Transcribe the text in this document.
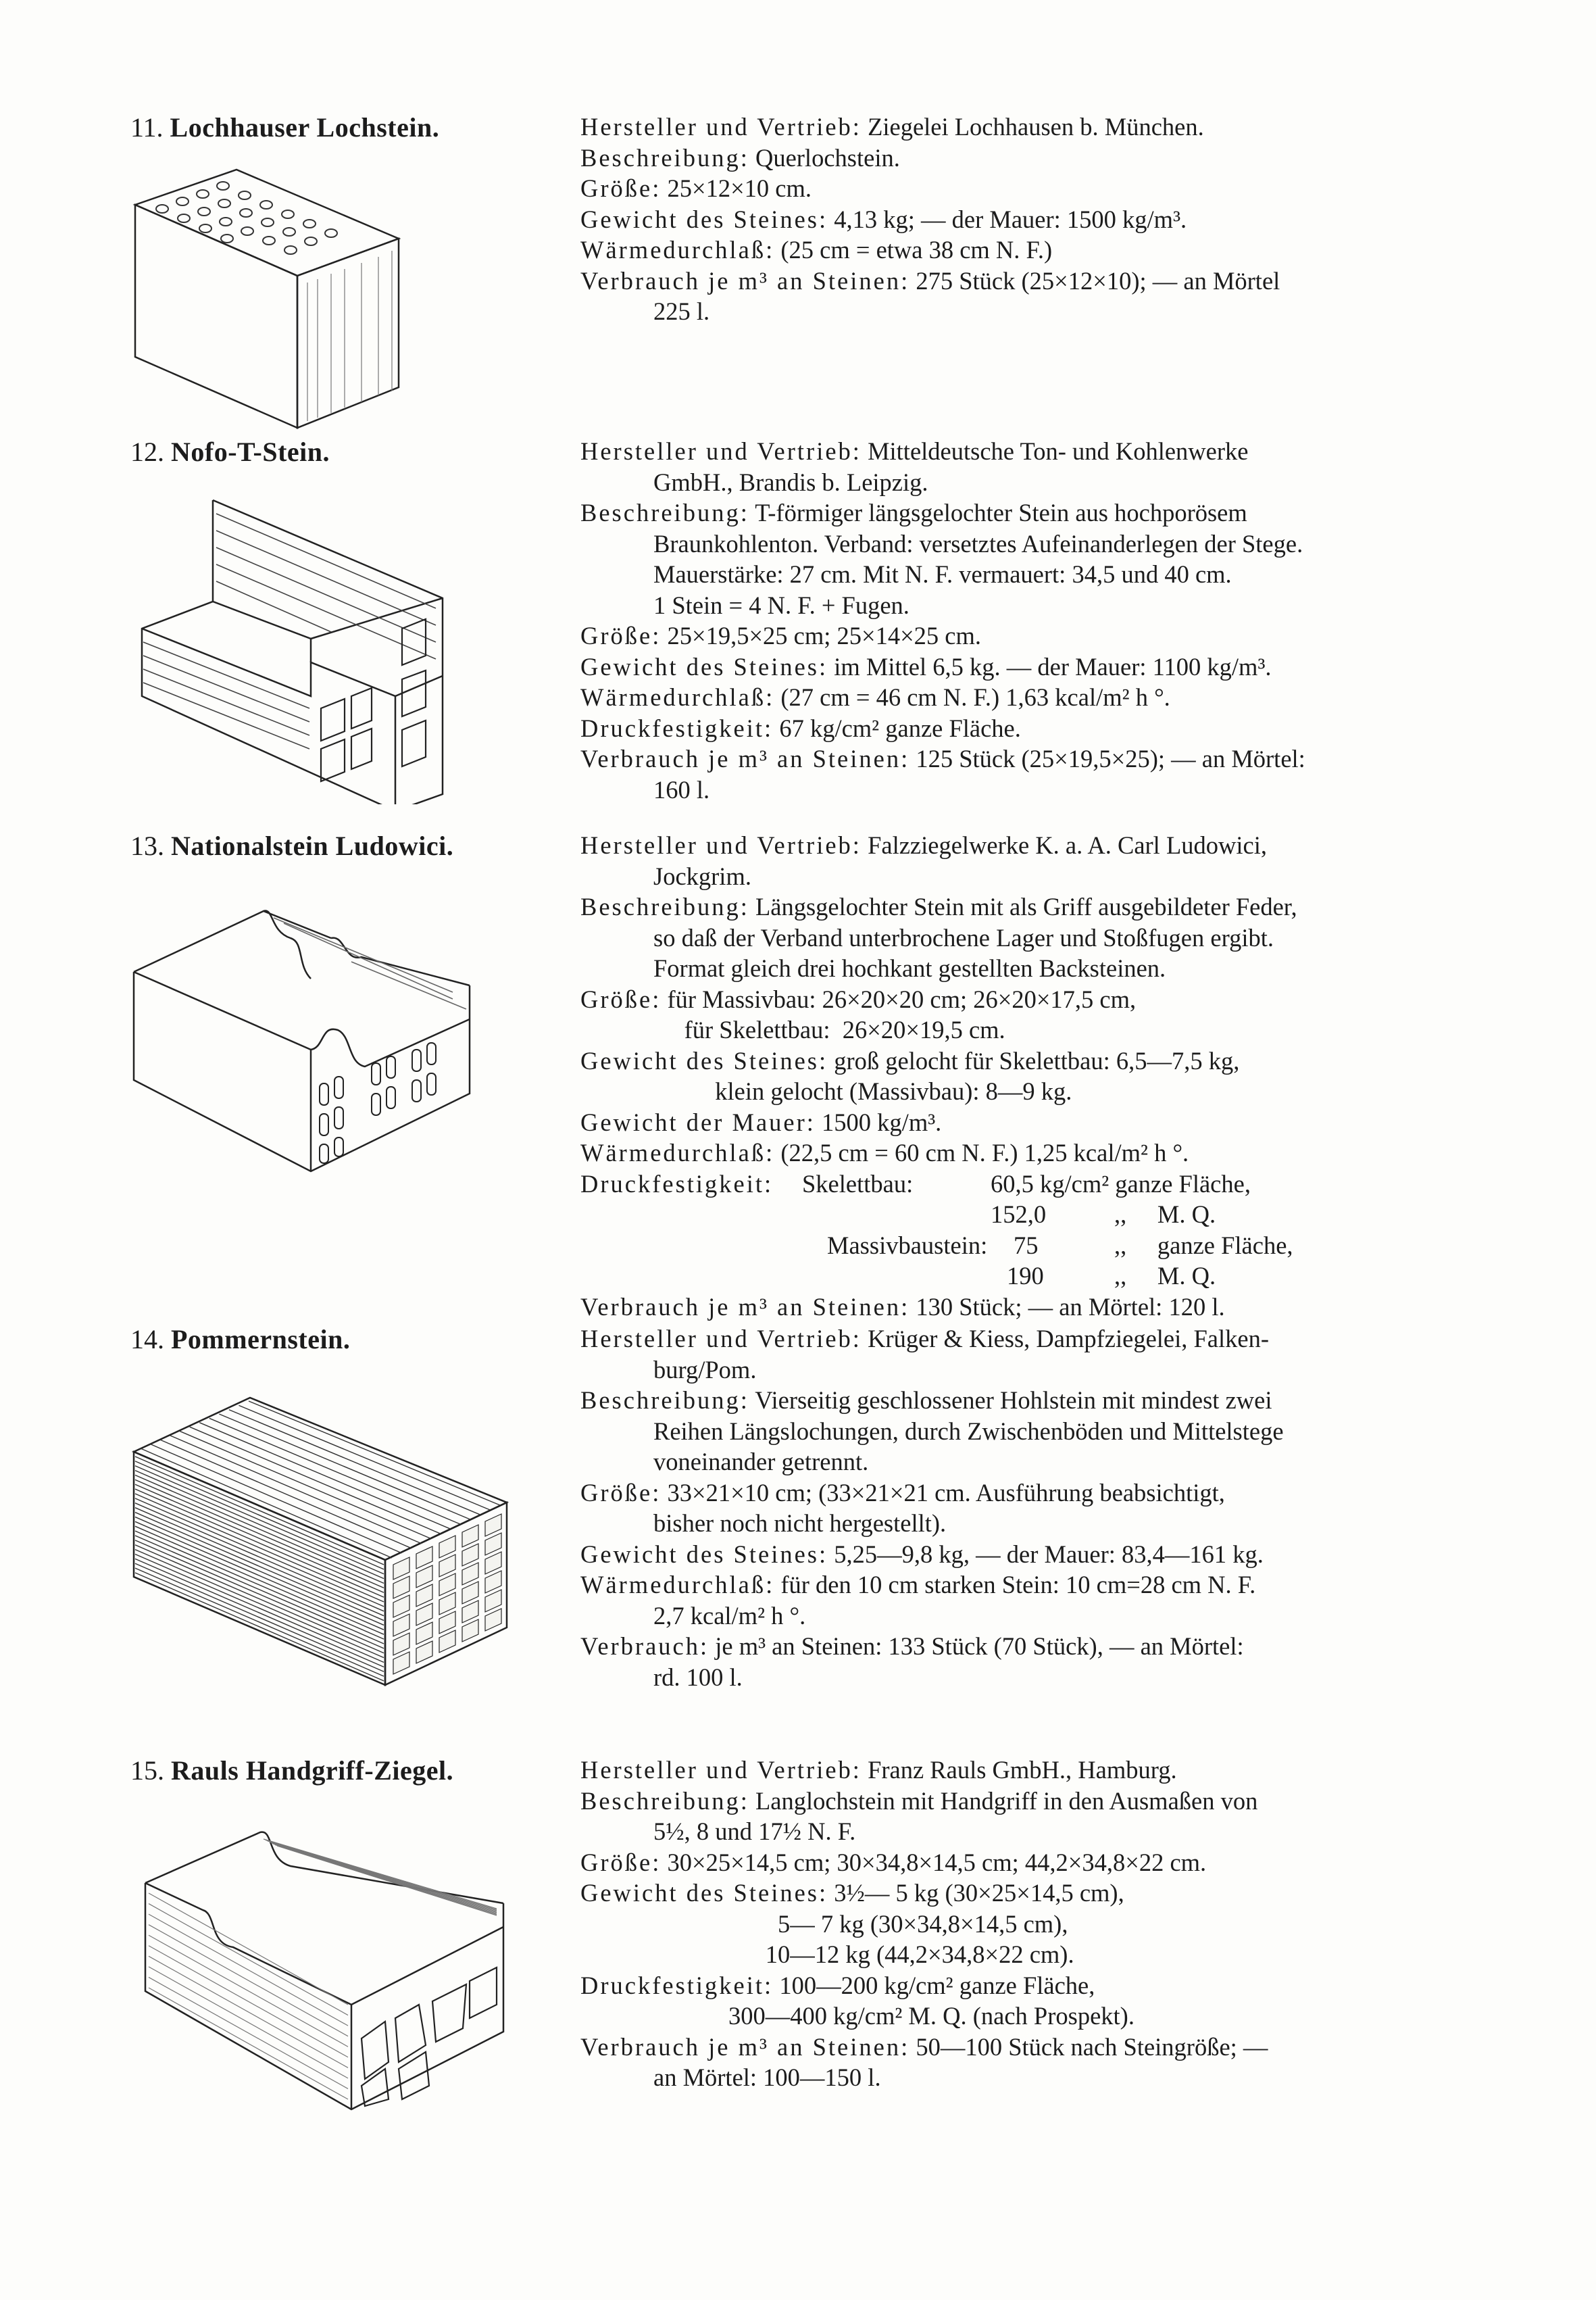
11. Lochhauser Lochstein.	Hersteller und Vertrieb: Ziegelei Lochhausen b. München.
Beschreibung: Querlochstein.
Größe: 25×12×10 cm.
Gewicht des Steines: 4,13 kg; — der Mauer: 1500 kg/m³.
Wärmedurchlaß: (25 cm = etwa 38 cm N. F.)
Verbrauch je m³ an Steinen: 275 Stück (25×12×10); — an Mörtel
225 l.
12. Nofo-T-Stein.	Hersteller und Vertrieb: Mitteldeutsche Ton- und Kohlenwerke
GmbH., Brandis b. Leipzig.
Beschreibung: T-förmiger längsgelochter Stein aus hochporösem
Braunkohlenton. Verband: versetztes Aufeinanderlegen der Stege.
Mauerstärke: 27 cm. Mit N. F. vermauert: 34,5 und 40 cm.
1 Stein = 4 N. F. + Fugen.
Größe: 25×19,5×25 cm; 25×14×25 cm.
Gewicht des Steines: im Mittel 6,5 kg. — der Mauer: 1100 kg/m³.
Wärmedurchlaß: (27 cm = 46 cm N. F.) 1,63 kcal/m² h °.
Druckfestigkeit: 67 kg/cm² ganze Fläche.
Verbrauch je m³ an Steinen: 125 Stück (25×19,5×25); — an Mörtel:
160 l.
13. Nationalstein Ludowici.	Hersteller und Vertrieb: Falzziegelwerke K. a. A. Carl Ludowici,
Jockgrim.
Beschreibung: Längsgelochter Stein mit als Griff ausgebildeter Feder,
so daß der Verband unterbrochene Lager und Stoßfugen ergibt.
Format gleich drei hochkant gestellten Backsteinen.
Größe: für Massivbau: 26×20×20 cm; 26×20×17,5 cm,
für Skelettbau:  26×20×19,5 cm.
Gewicht des Steines: groß gelocht für Skelettbau: 6,5—7,5 kg,
klein gelocht (Massivbau): 8—9 kg.
Gewicht der Mauer: 1500 kg/m³.
Wärmedurchlaß: (22,5 cm = 60 cm N. F.) 1,25 kcal/m² h °.
Druckfestigkeit: Skelettbau:	60,5 kg/cm² ganze Fläche,
152,0	,,     M. Q.
Massivbaustein: 75	,,     ganze Fläche,
190	,,     M. Q.
Verbrauch je m³ an Steinen: 130 Stück; — an Mörtel: 120 l.
14. Pommernstein.	Hersteller und Vertrieb: Krüger & Kiess, Dampfziegelei, Falken-
burg/Pom.
Beschreibung: Vierseitig geschlossener Hohlstein mit mindest zwei
Reihen Längslochungen, durch Zwischenböden und Mittelstege
voneinander getrennt.
Größe: 33×21×10 cm; (33×21×21 cm. Ausführung beabsichtigt,
bisher noch nicht hergestellt).
Gewicht des Steines: 5,25—9,8 kg, — der Mauer: 83,4—161 kg.
Wärmedurchlaß: für den 10 cm starken Stein: 10 cm=28 cm N. F.
2,7 kcal/m² h °.
Verbrauch: je m³ an Steinen: 133 Stück (70 Stück), — an Mörtel:
rd. 100 l.
15. Rauls Handgriff-Ziegel.	Hersteller und Vertrieb: Franz Rauls GmbH., Hamburg.
Beschreibung: Langlochstein mit Handgriff in den Ausmaßen von
5½, 8 und 17½ N. F.
Größe: 30×25×14,5 cm; 30×34,8×14,5 cm; 44,2×34,8×22 cm.
Gewicht des Steines: 3½— 5 kg (30×25×14,5 cm),
5— 7 kg (30×34,8×14,5 cm),
10—12 kg (44,2×34,8×22 cm).
Druckfestigkeit: 100—200 kg/cm² ganze Fläche,
300—400 kg/cm² M. Q. (nach Prospekt).
Verbrauch je m³ an Steinen: 50—100 Stück nach Steingröße; —
an Mörtel: 100—150 l.
